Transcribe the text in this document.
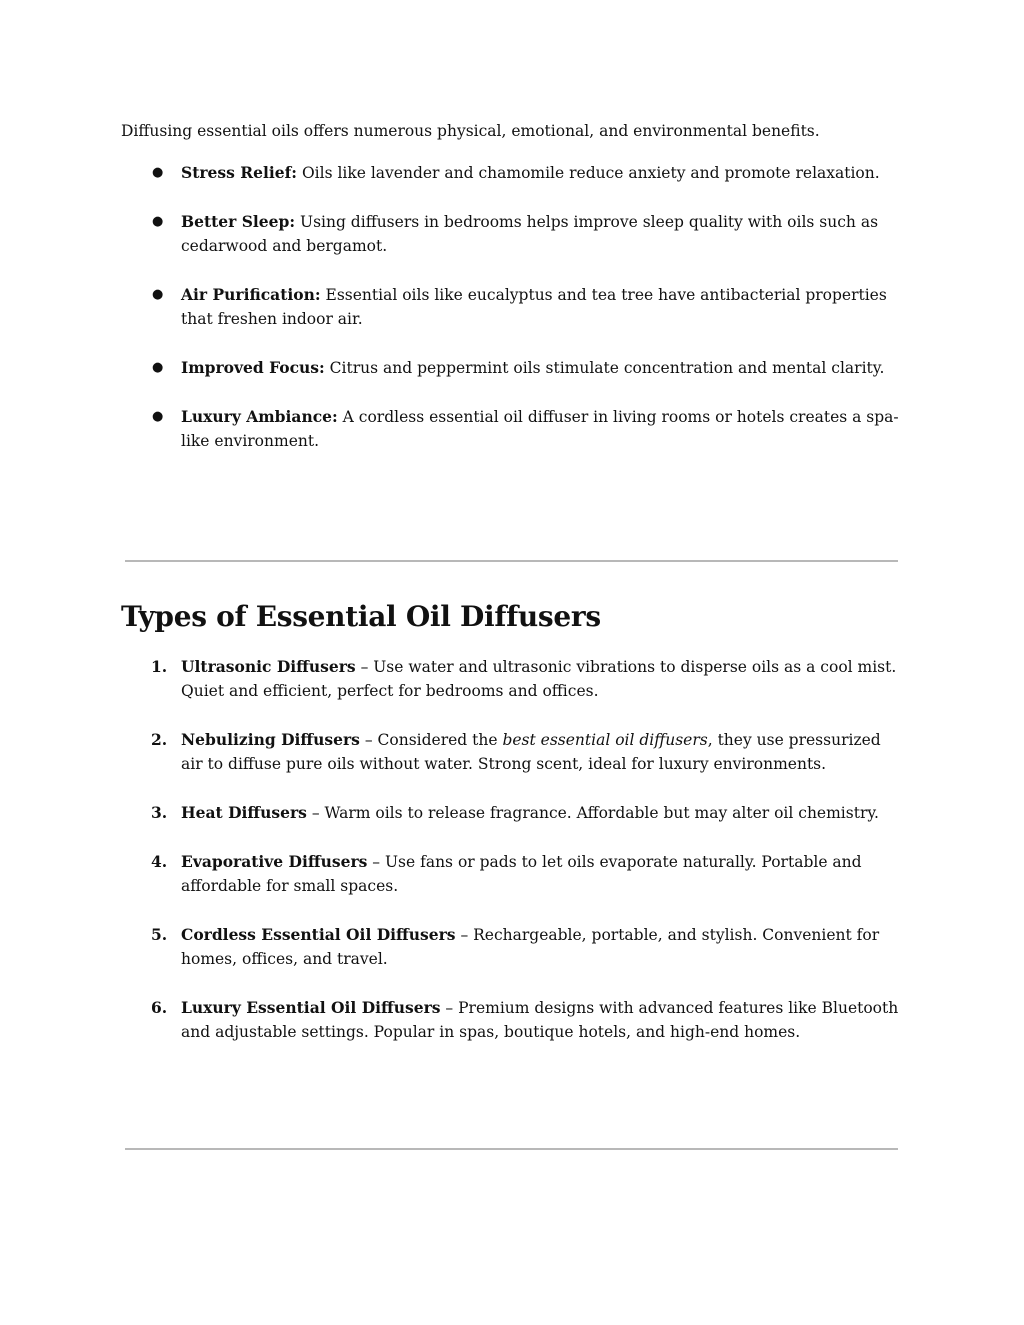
Diffusing essential oils offers numerous physical, emotional, and environmental benefits.

●	Stress Relief: Oils like lavender and chamomile reduce anxiety and promote relaxation.
●	Better Sleep: Using diffusers in bedrooms helps improve sleep quality with oils such as cedarwood and bergamot.
●	Air Purification: Essential oils like eucalyptus and tea tree have antibacterial properties that freshen indoor air.
●	Improved Focus: Citrus and peppermint oils stimulate concentration and mental clarity.
●	Luxury Ambiance: A cordless essential oil diffuser in living rooms or hotels creates a spa-like environment.
Types of Essential Oil Diffusers
1. Ultrasonic Diffusers – Use water and ultrasonic vibrations to disperse oils as a cool mist. Quiet and efficient, perfect for bedrooms and offices.
2. Nebulizing Diffusers – Considered the best essential oil diffusers, they use pressurized air to diffuse pure oils without water. Strong scent, ideal for luxury environments.
3. Heat Diffusers – Warm oils to release fragrance. Affordable but may alter oil chemistry.
4. Evaporative Diffusers – Use fans or pads to let oils evaporate naturally. Portable and affordable for small spaces.
5. Cordless Essential Oil Diffusers – Rechargeable, portable, and stylish. Convenient for homes, offices, and travel.
6. Luxury Essential Oil Diffusers – Premium designs with advanced features like Bluetooth and adjustable settings. Popular in spas, boutique hotels, and high-end homes.
